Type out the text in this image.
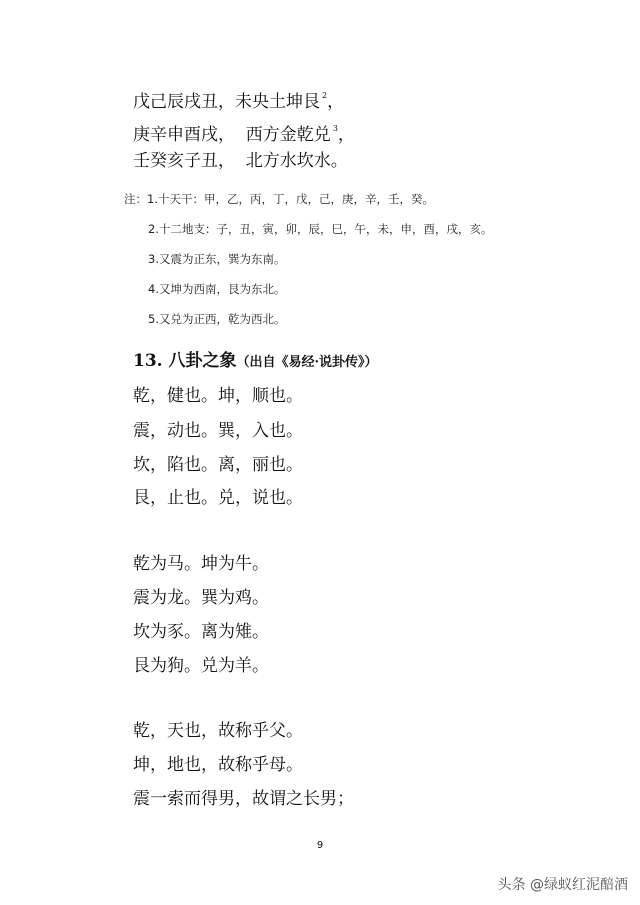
戊己辰戌丑，未央土坤艮 $^2$，
庚辛申酉戌，  西方金乾兑 $^3$，
壬癸亥子丑，  北方水坎水。
注：1.十天干：甲，乙，丙，丁，戊，己，庚，辛，壬，癸。
2.十二地支：子，丑，寅，卯，辰，巳，午，未，申，酉，戌，亥。
3.又震为正东，巽为东南。
4.又坤为西南，艮为东北。
5.又兑为正西，乾为西北。
13. 八卦之象（出自《易经·说卦传》）
乾，健也。坤，顺也。
震，动也。巽，入也。
坎，陷也。离，丽也。
艮，止也。兑，说也。
乾为马。坤为牛。
震为龙。巽为鸡。
坎为豕。离为雉。
艮为狗。兑为羊。
乾，天也，故称乎父。
坤，地也，故称乎母。
震一索而得男，故谓之长男；
9
头条 @绿蚁红泥醅酒
